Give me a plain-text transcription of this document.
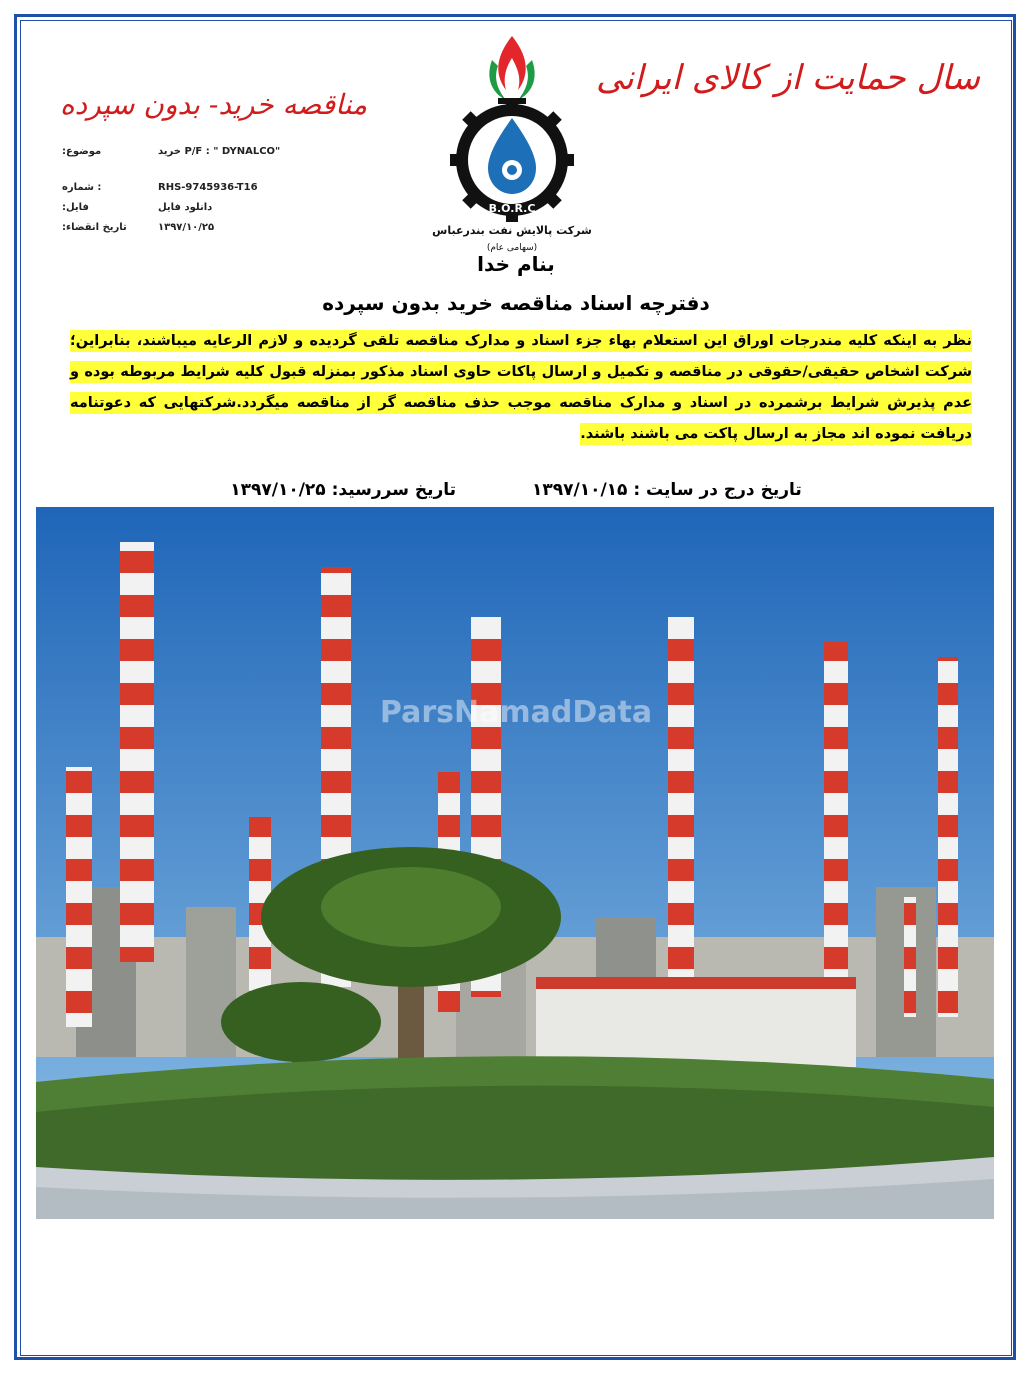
سال حمایت از کالای ایرانی
مناقصه خرید- بدون سپرده
موضوع:	خرید P/F : " DYNALCO"
: شماره	RHS-9745936-T16
فایل:	دانلود فایل
تاریخ انقضاء:	۱۳۹۷/۱۰/۲۵
B.O.R.C
شرکت پالایش نفت بندرعباس
(سهامی عام)
بنام خدا
دفترچه اسناد مناقصه خرید بدون سپرده
نظر به اینکه کلیه مندرجات اوراق این استعلام بهاء جزء اسناد و مدارک مناقصه تلقی گردیده و لازم الرعایه میباشند، بنابراین؛ شرکت اشخاص حقیقی/حقوقی در مناقصه و تکمیل و ارسال پاکات حاوی اسناد مذکور بمنزله قبول کلیه شرایط مربوطه بوده و عدم پذیرش شرایط برشمرده در اسناد و مدارک مناقصه موجب حذف مناقصه گر از مناقصه میگردد.شرکتهایی که دعوتنامه دریافت نموده اند مجاز به ارسال پاکت می باشند باشند.
تاریخ درج در سایت : ۱۳۹۷/۱۰/۱۵ تاریخ سررسید: ۱۳۹۷/۱۰/۲۵
ParsNamadData
